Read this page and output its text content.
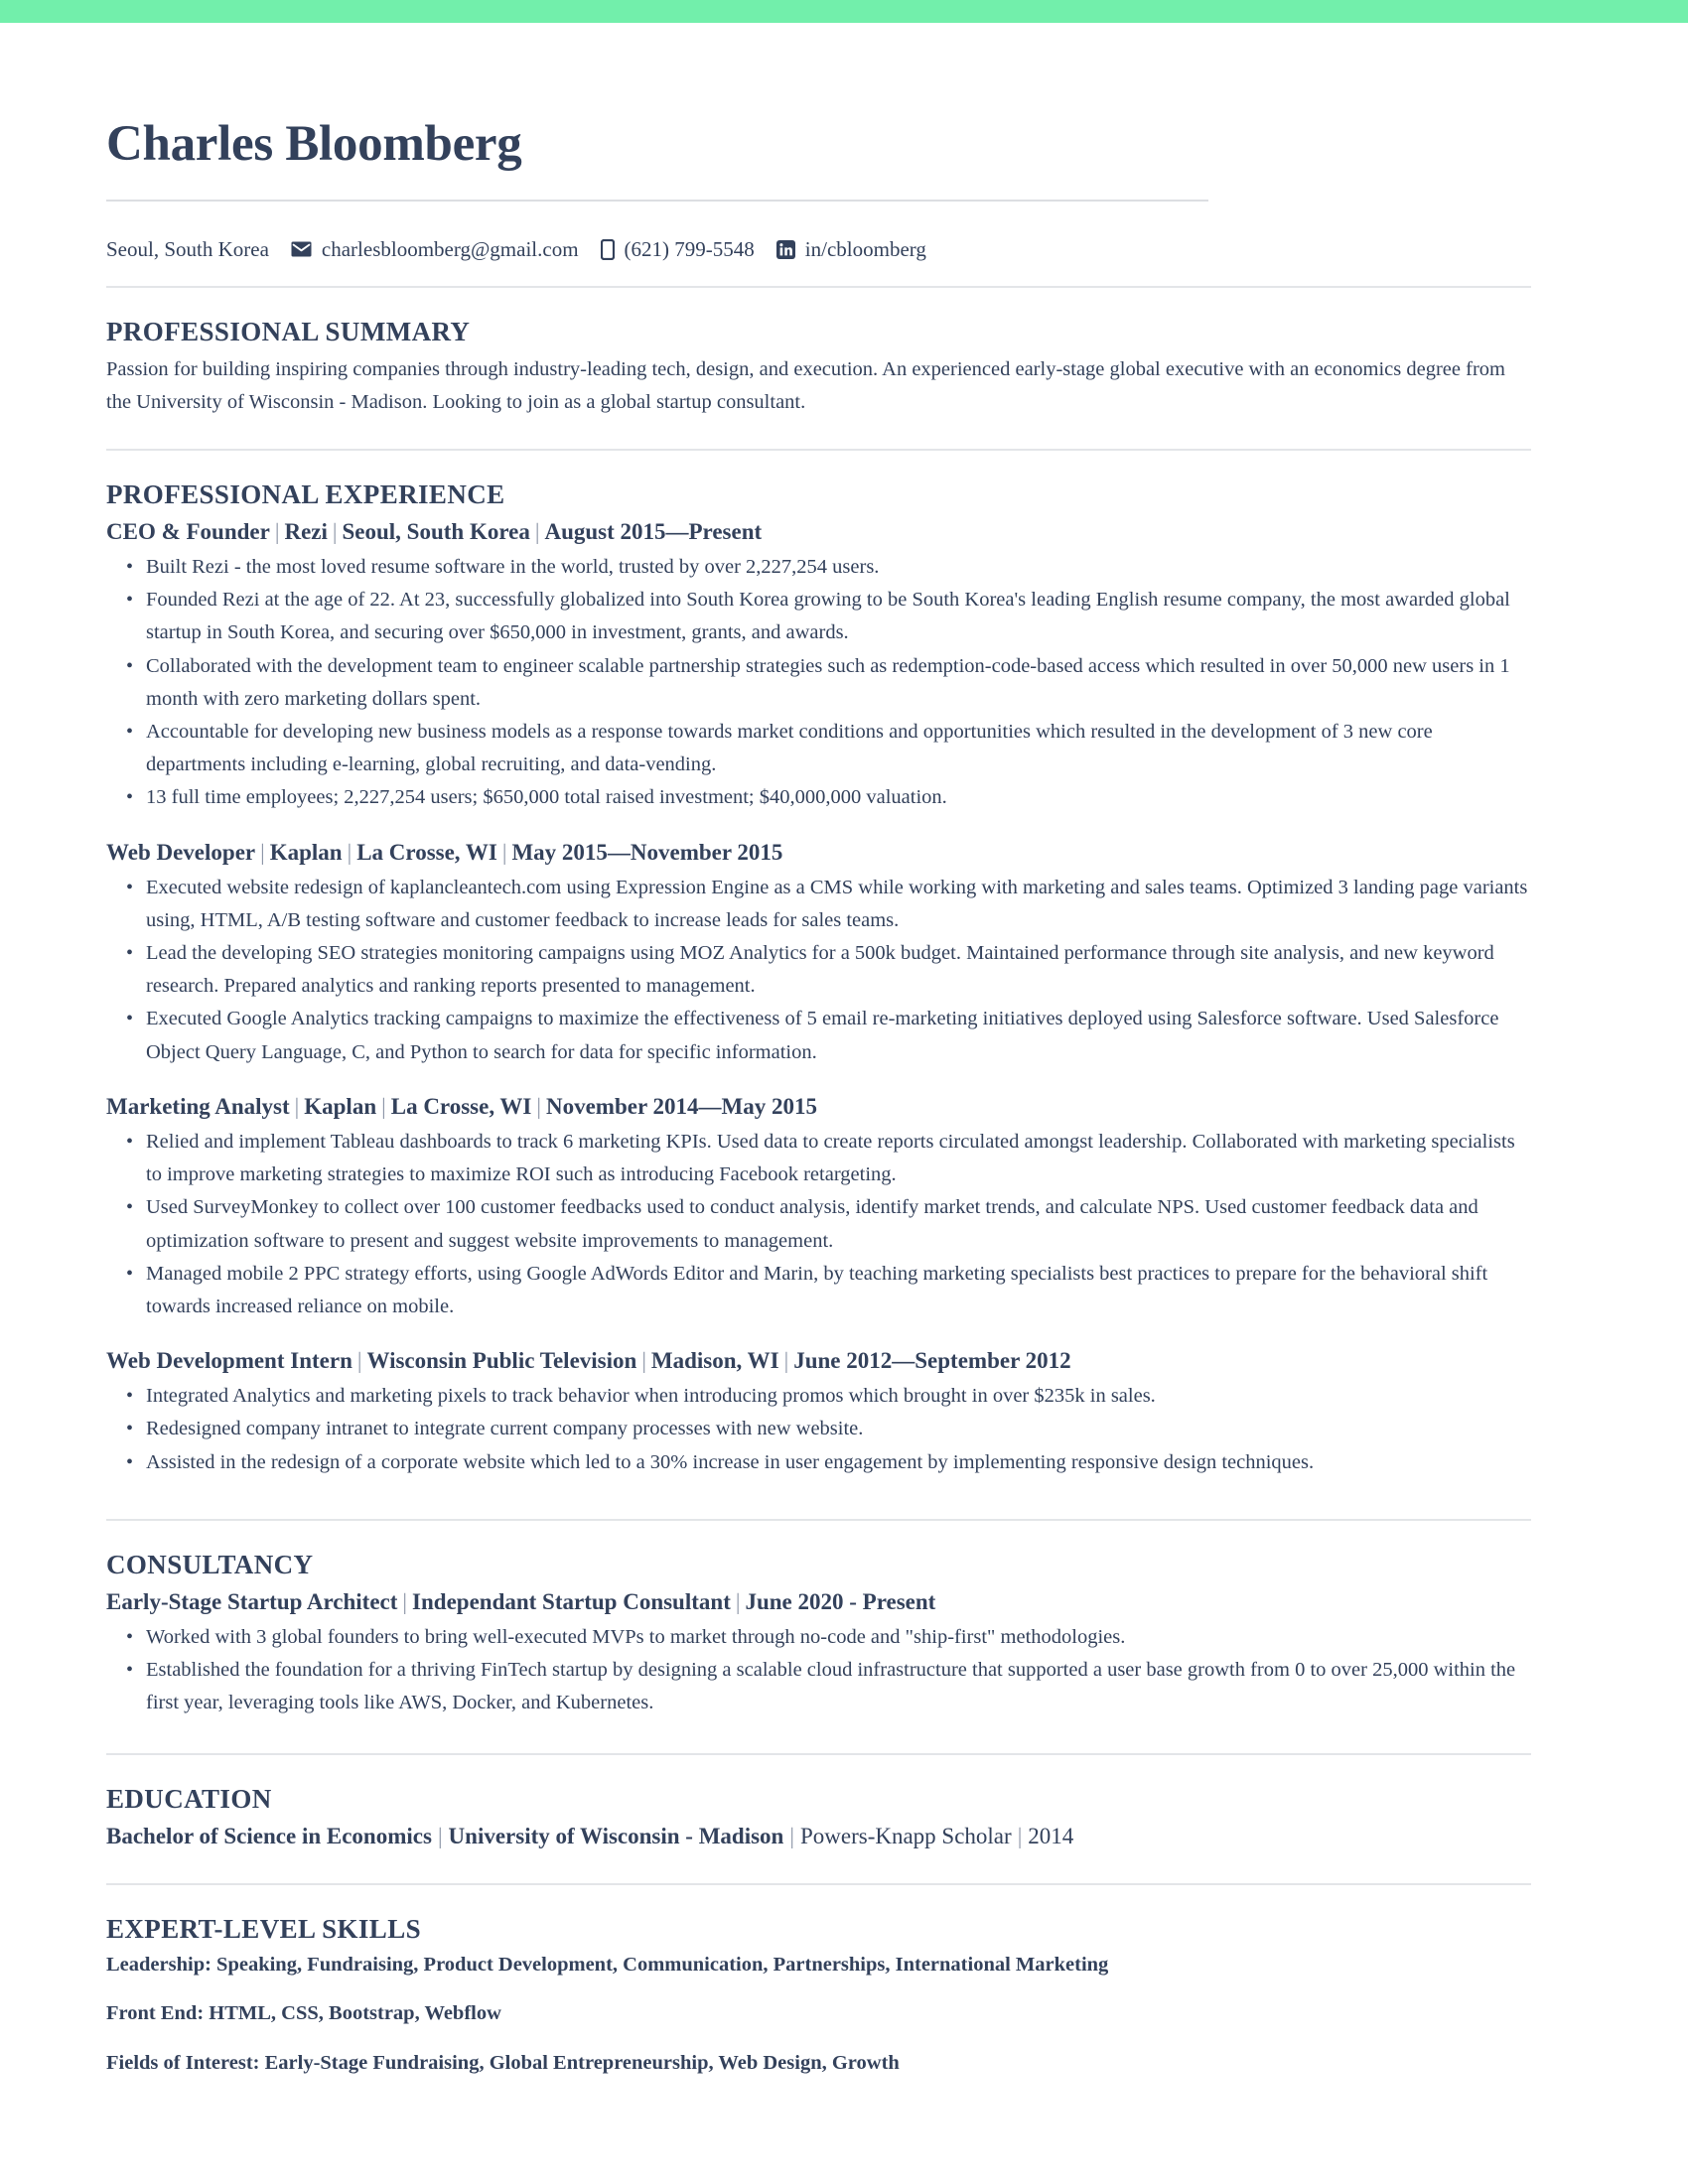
Charles Bloomberg
Seoul, South Korea	charlesbloomberg@gmail.com (621) 799-5548 in/cbloomberg
PROFESSIONAL SUMMARY
Passion for building inspiring companies through industry-leading tech, design, and execution. An experienced early-stage global executive with an economics degree from the University of Wisconsin - Madison. Looking to join as a global startup consultant.
PROFESSIONAL EXPERIENCE
CEO & Founder | Rezi | Seoul, South Korea | August 2015—Present
• Built Rezi - the most loved resume software in the world, trusted by over 2,227,254 users.
• Founded Rezi at the age of 22. At 23, successfully globalized into South Korea growing to be South Korea's leading English resume company, the most awarded global startup in South Korea, and securing over $650,000 in investment, grants, and awards.
• Collaborated with the development team to engineer scalable partnership strategies such as redemption-code-based access which resulted in over 50,000 new users in 1 month with zero marketing dollars spent.
• Accountable for developing new business models as a response towards market conditions and opportunities which resulted in the development of 3 new core departments including e-learning, global recruiting, and data-vending.
• 13 full time employees; 2,227,254 users; $650,000 total raised investment; $40,000,000 valuation.
Web Developer | Kaplan | La Crosse, WI | May 2015—November 2015
• Executed website redesign of kaplancleantech.com using Expression Engine as a CMS while working with marketing and sales teams. Optimized 3 landing page variants using, HTML, A/B testing software and customer feedback to increase leads for sales teams.
• Lead the developing SEO strategies monitoring campaigns using MOZ Analytics for a 500k budget. Maintained performance through site analysis, and new keyword research. Prepared analytics and ranking reports presented to management.
• Executed Google Analytics tracking campaigns to maximize the effectiveness of 5 email re-marketing initiatives deployed using Salesforce software. Used Salesforce Object Query Language, C, and Python to search for data for specific information.
Marketing Analyst | Kaplan | La Crosse, WI | November 2014—May 2015
• Relied and implement Tableau dashboards to track 6 marketing KPIs. Used data to create reports circulated amongst leadership. Collaborated with marketing specialists to improve marketing strategies to maximize ROI such as introducing Facebook retargeting.
• Used SurveyMonkey to collect over 100 customer feedbacks used to conduct analysis, identify market trends, and calculate NPS. Used customer feedback data and optimization software to present and suggest website improvements to management.
• Managed mobile 2 PPC strategy efforts, using Google AdWords Editor and Marin, by teaching marketing specialists best practices to prepare for the behavioral shift towards increased reliance on mobile.
Web Development Intern | Wisconsin Public Television | Madison, WI | June 2012—September 2012
• Integrated Analytics and marketing pixels to track behavior when introducing promos which brought in over $235k in sales.
• Redesigned company intranet to integrate current company processes with new website.
• Assisted in the redesign of a corporate website which led to a 30% increase in user engagement by implementing responsive design techniques.
CONSULTANCY
Early-Stage Startup Architect | Independant Startup Consultant | June 2020 - Present
• Worked with 3 global founders to bring well-executed MVPs to market through no-code and "ship-first" methodologies.
• Established the foundation for a thriving FinTech startup by designing a scalable cloud infrastructure that supported a user base growth from 0 to over 25,000 within the first year, leveraging tools like AWS, Docker, and Kubernetes.
EDUCATION
Bachelor of Science in Economics | University of Wisconsin - Madison | Powers-Knapp Scholar | 2014
EXPERT-LEVEL SKILLS
Leadership: Speaking, Fundraising, Product Development, Communication, Partnerships, International Marketing
Front End: HTML, CSS, Bootstrap, Webflow
Fields of Interest: Early-Stage Fundraising, Global Entrepreneurship, Web Design, Growth
